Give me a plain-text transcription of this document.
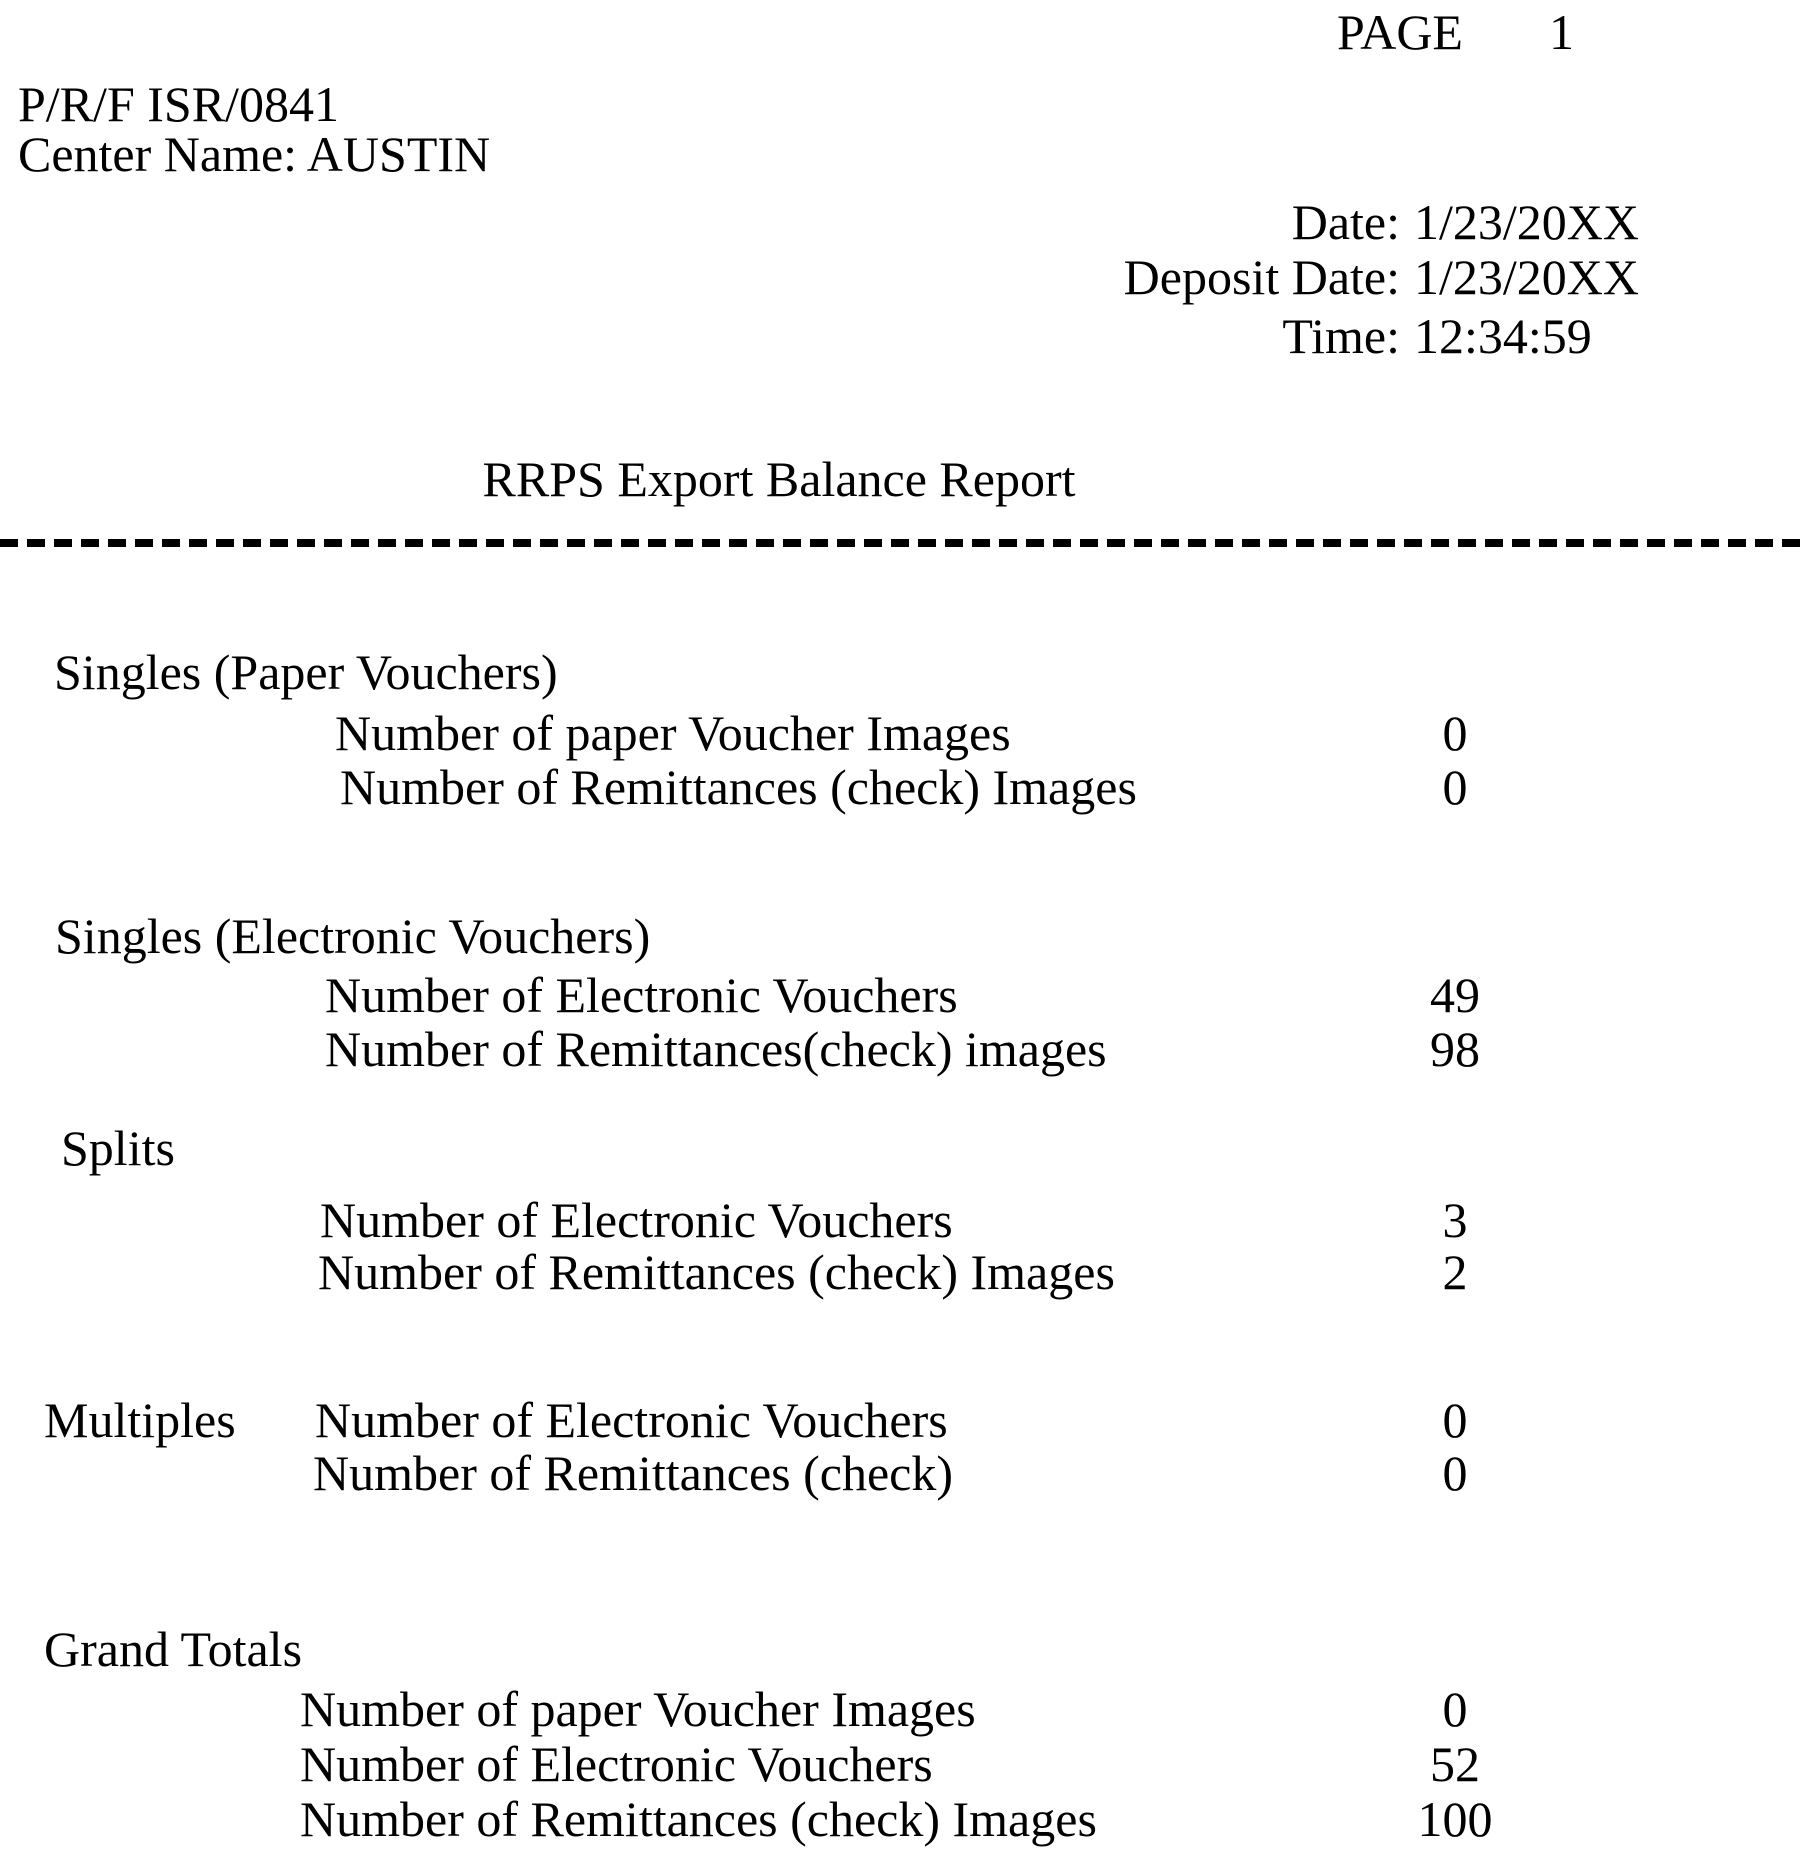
PAGE 1
P/R/F ISR/0841
Center Name: AUSTIN
Date: 1/23/20XX
Deposit Date: 1/23/20XX
Time: 12:34:59
RRPS Export Balance Report
Singles (Paper Vouchers)
Number of paper Voucher Images	0
Number of Remittances (check) Images	0
Singles (Electronic Vouchers)
Number of Electronic Vouchers	49
Number of Remittances(check) images	98
Splits
Number of Electronic Vouchers	3
Number of Remittances (check) Images	2
Multiples	Number of Electronic Vouchers	0
Number of Remittances (check)	0
Grand Totals
Number of paper Voucher Images	0
Number of Electronic Vouchers	52
Number of Remittances (check) Images	100
